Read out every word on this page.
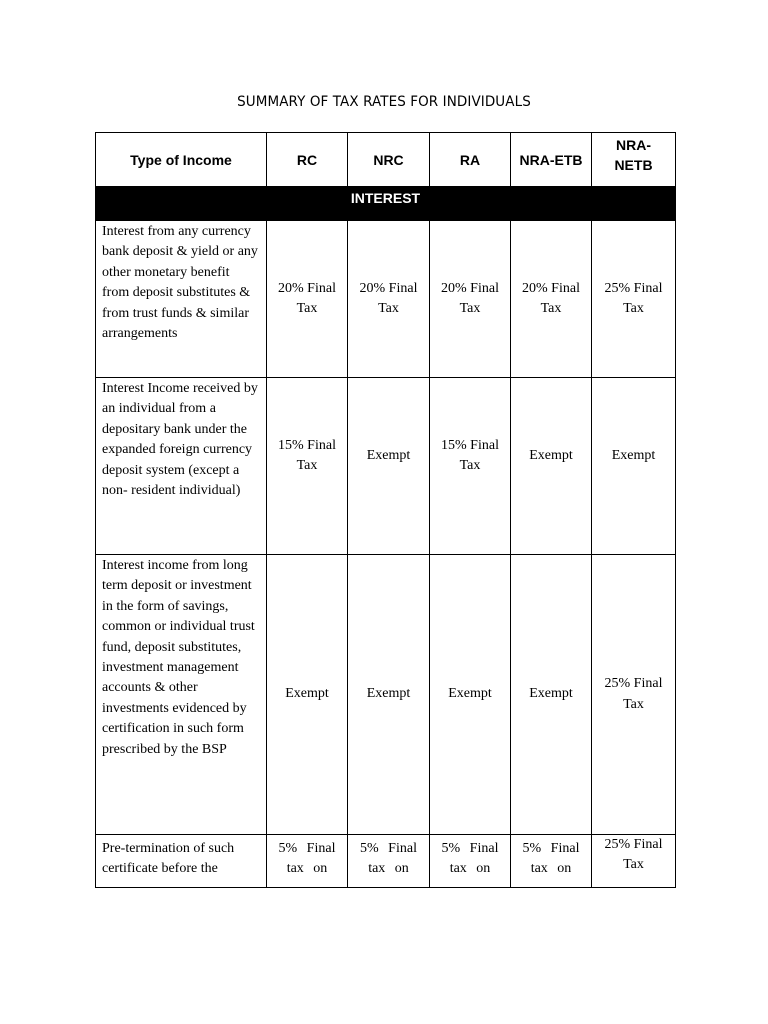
SUMMARY OF TAX RATES FOR INDIVIDUALS
Type of Income	RC	NRC	RA	NRA-ETB	NRA- NETB

INTEREST					
Interest from any currency bank deposit & yield or any other monetary benefit from deposit substitutes & from trust funds & similar arrangements	20% Final Tax	20% Final Tax	20% Final Tax	20% Final Tax	25% Final Tax

Interest Income received by an individual from a depositary bank under the expanded foreign currency deposit system (except a non- resident individual)	15% Final Tax	Exempt	15% Final Tax	Exempt	Exempt

Interest income from long term deposit or investment in the form of savings, common or individual trust fund, deposit substitutes, investment management accounts & other investments evidenced by certification in such form prescribed by the BSP	Exempt	Exempt	Exempt	Exempt	25% Final Tax

Pre-termination of such certificate before the	5% Final tax on	5% Final tax on	5% Final tax on	5% Final tax on	25% Final Tax
